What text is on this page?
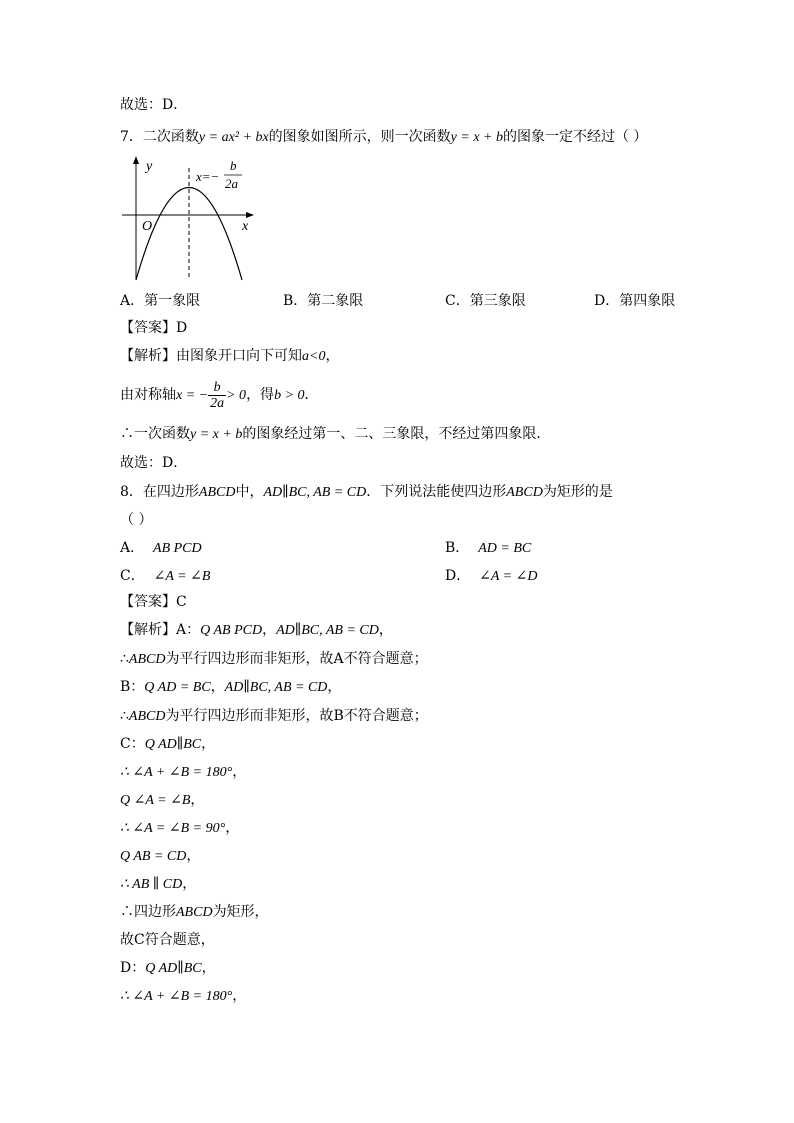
故选：D．
7．二次函数y = ax² + bx的图象如图所示，则一次函数y = x + b的图象一定不经过（ ）
y
x
O
x=−
b
2a
A．第一象限	B．第二象限	C．第三象限	D．第四象限
【答案】D
【解析】由图象开口向下可知a<0，
由对称轴x = − $\frac{b}{2a} > 0$，得b > 0．
∴一次函数y = x + b的图象经过第一、二、三象限，不经过第四象限．
故选：D．
8．在四边形ABCD中，AD∥BC, AB = CD．下列说法能使四边形ABCD为矩形的是
（ ）
A． AB PCD	B． AD = BC
C． ∠A = ∠B	D． ∠A = ∠D
【答案】C
【解析】A：Q AB PCD，AD∥BC, AB = CD，
∴ABCD为平行四边形而非矩形，故A不符合题意；
B：Q AD = BC，AD∥BC, AB = CD，
∴ABCD为平行四边形而非矩形，故B不符合题意；
C：Q AD∥BC，
∴ ∠A + ∠B = 180°，
Q ∠A = ∠B，
∴ ∠A = ∠B = 90°，
Q AB = CD，
∴ AB ∥ CD，
∴四边形ABCD为矩形，
故C符合题意，
D：Q AD∥BC，
∴ ∠A + ∠B = 180°，
